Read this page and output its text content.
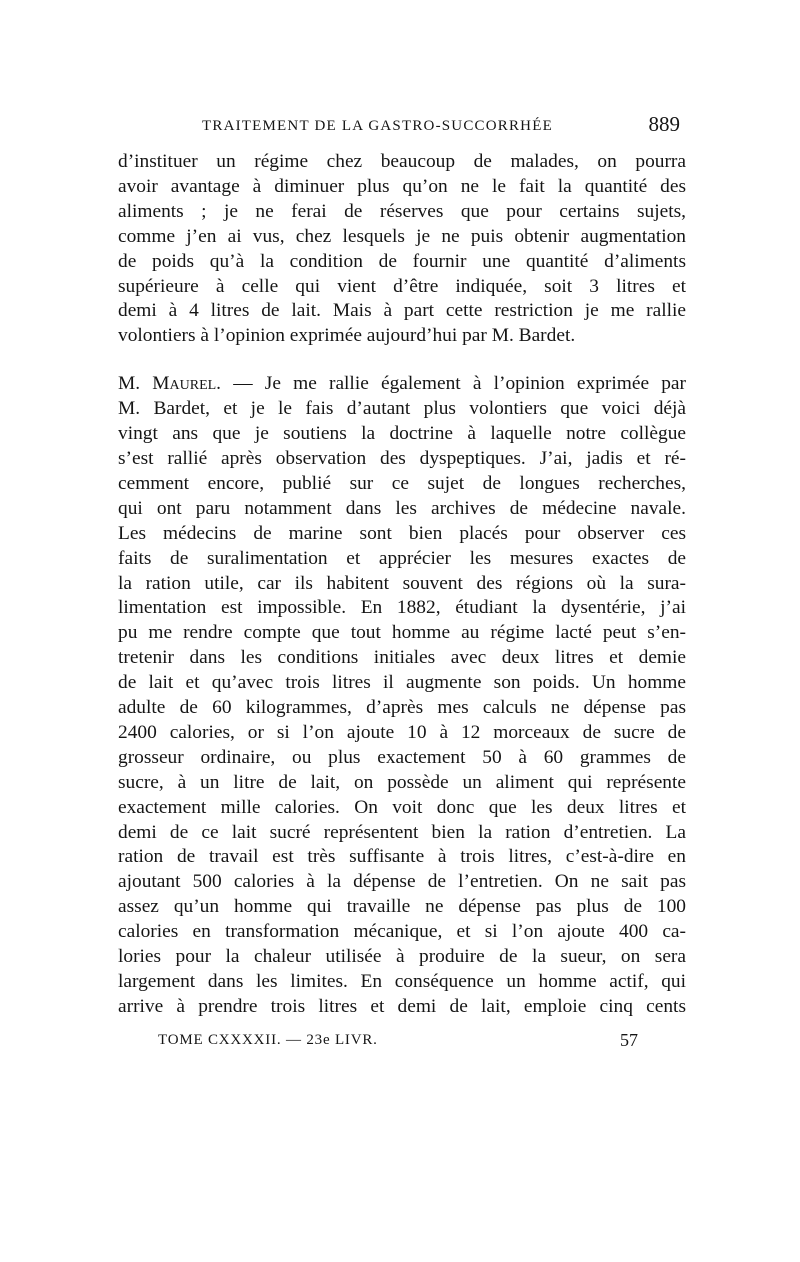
TRAITEMENT DE LA GASTRO-SUCCORRHÉE	889
d’instituer un régime chez beaucoup de malades, on pourra
avoir avantage à diminuer plus qu’on ne le fait la quantité des
aliments ; je ne ferai de réserves que pour certains sujets,
comme j’en ai vus, chez lesquels je ne puis obtenir augmentation
de poids qu’à la condition de fournir une quantité d’aliments
supérieure à celle qui vient d’être indiquée, soit 3 litres et
demi à 4 litres de lait. Mais à part cette restriction je me rallie
volontiers à l’opinion exprimée aujourd’hui par M. Bardet.
M. Maurel. — Je me rallie également à l’opinion exprimée par
M. Bardet, et je le fais d’autant plus volontiers que voici déjà
vingt ans que je soutiens la doctrine à laquelle notre collègue
s’est rallié après observation des dyspeptiques. J’ai, jadis et ré-
cemment encore, publié sur ce sujet de longues recherches,
qui ont paru notamment dans les archives de médecine navale.
Les médecins de marine sont bien placés pour observer ces
faits de suralimentation et apprécier les mesures exactes de
la ration utile, car ils habitent souvent des régions où la sura-
limentation est impossible. En 1882, étudiant la dysentérie, j’ai
pu me rendre compte que tout homme au régime lacté peut s’en-
tretenir dans les conditions initiales avec deux litres et demie
de lait et qu’avec trois litres il augmente son poids. Un homme
adulte de 60 kilogrammes, d’après mes calculs ne dépense pas
2400 calories, or si l’on ajoute 10 à 12 morceaux de sucre de
grosseur ordinaire, ou plus exactement 50 à 60 grammes de
sucre, à un litre de lait, on possède un aliment qui représente
exactement mille calories. On voit donc que les deux litres et
demi de ce lait sucré représentent bien la ration d’entretien. La
ration de travail est très suffisante à trois litres, c’est-à-dire en
ajoutant 500 calories à la dépense de l’entretien. On ne sait pas
assez qu’un homme qui travaille ne dépense pas plus de 100
calories en transformation mécanique, et si l’on ajoute 400 ca-
lories pour la chaleur utilisée à produire de la sueur, on sera
largement dans les limites. En conséquence un homme actif, qui
arrive à prendre trois litres et demi de lait, emploie cinq cents
TOME CXXXXII. — 23e LIVR.	57
